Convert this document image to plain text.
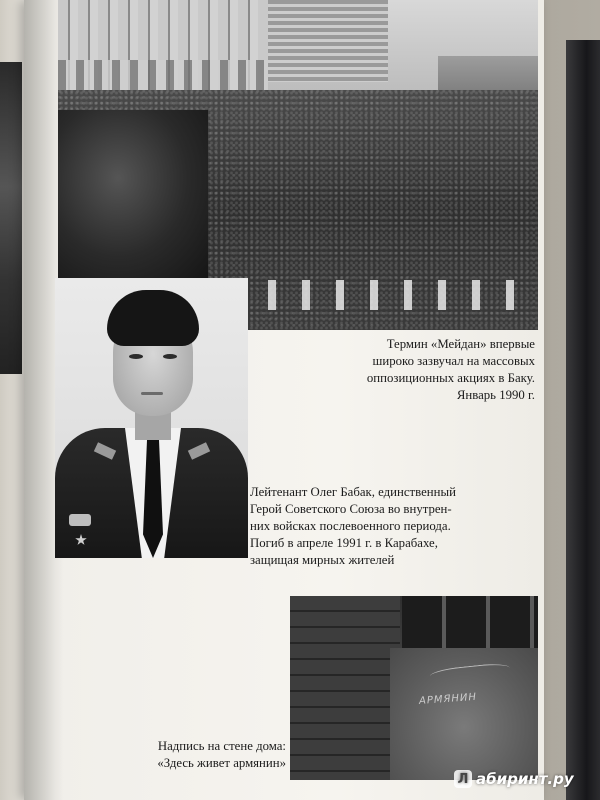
АРМЯНИН
Термин «Мейдан» впервые
широко зазвучал на массовых
оппозиционных акциях в Баку.
Январь 1990 г.
Лейтенант Олег Бабак, единственный
Герой Советского Союза во внутрен-
них войсках послевоенного периода.
Погиб в апреле 1991 г. в Карабахе,
защищая мирных жителей
Надпись на стене дома:
«Здесь живет армянин»
Л абиринт.ру
